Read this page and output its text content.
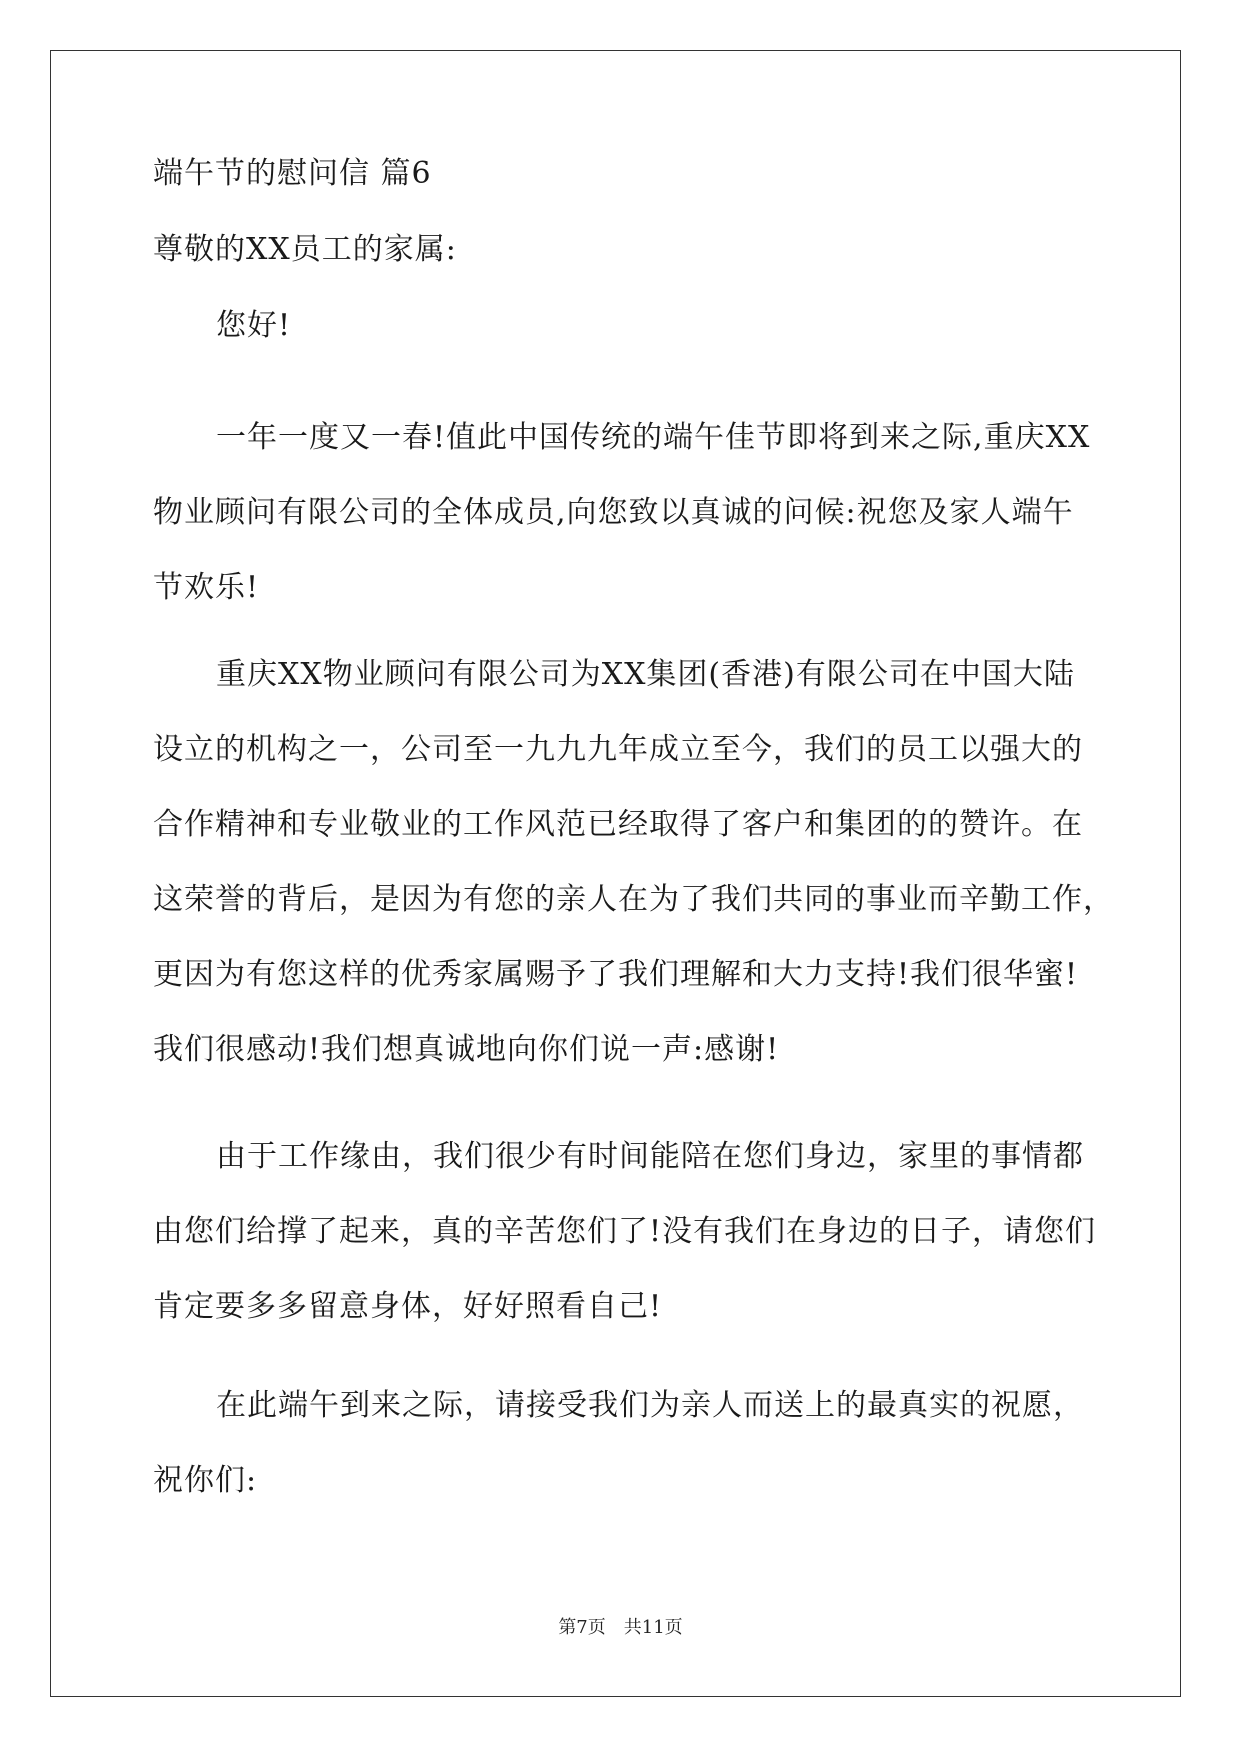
端午节的慰问信 篇6
尊敬的XX员工的家属:
您好!
一年一度又一春!值此中国传统的端午佳节即将到来之际,重庆XX
物业顾问有限公司的全体成员,向您致以真诚的问候:祝您及家人端午
节欢乐!
重庆XX物业顾问有限公司为XX集团(香港)有限公司在中国大陆
设立的机构之一，公司至一九九九年成立至今，我们的员工以强大的
合作精神和专业敬业的工作风范已经取得了客户和集团的的赞许。在
这荣誉的背后，是因为有您的亲人在为了我们共同的事业而辛勤工作，
更因为有您这样的优秀家属赐予了我们理解和大力支持!我们很华蜜!
我们很感动!我们想真诚地向你们说一声:感谢!
由于工作缘由，我们很少有时间能陪在您们身边，家里的事情都
由您们给撑了起来，真的辛苦您们了!没有我们在身边的日子，请您们
肯定要多多留意身体，好好照看自己!
在此端午到来之际，请接受我们为亲人而送上的最真实的祝愿，
祝你们:
第7页 共11页
